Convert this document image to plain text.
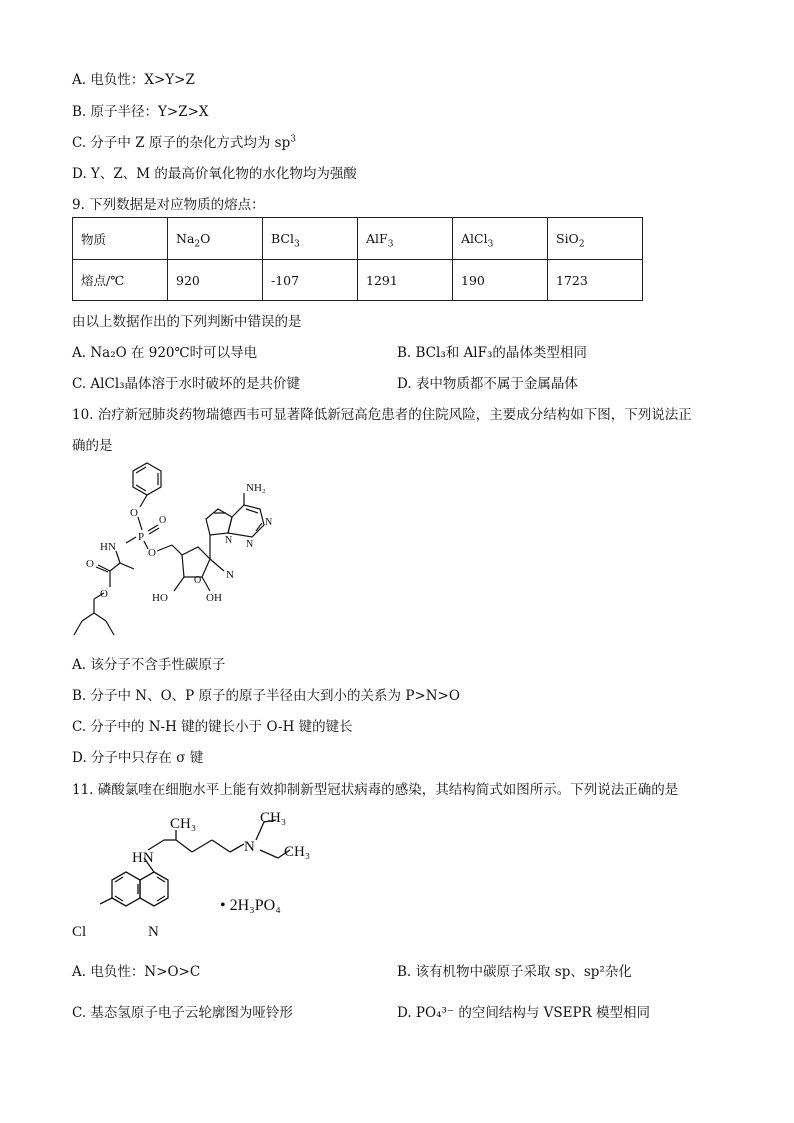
A. 电负性：X>Y>Z
B. 原子半径：Y>Z>X
C. 分子中 Z 原子的杂化方式均为 $sp^3$
D. Y、Z、M 的最高价氧化物的水化物均为强酸
9. 下列数据是对应物质的熔点：
物质	$Na_2O$	BCl$_3$	AlF$_3$	AlCl$_3$	SiO$_2$
熔点/℃	920	-107	1291	190	1723
由以上数据作出的下列判断中错误的是
A. Na₂O 在 920℃时可以导电	B. BCl₃和 AlF₃的晶体类型相同
C. AlCl₃晶体溶于水时破坏的是共价键	D. 表中物质都不属于金属晶体
10. 治疗新冠肺炎药物瑞德西韦可显著降低新冠高危患者的住院风险，主要成分结构如下图，下列说法正
确的是
O
P
O
HN	O
O
NH₂
N
N
N
N
HO	OH
O
O
A. 该分子不含手性碳原子
B. 分子中 N、O、P 原子的原子半径由大到小的关系为 P>N>O
C. 分子中的 N-H 键的键长小于 O-H 键的键长
D. 分子中只存在 σ 键
11. 磷酸氯喹在细胞水平上能有效抑制新型冠状病毒的感染，其结构简式如图所示。下列说法正确的是
CH₃	CH₃
CH₃
N
HN
Cl	N
• 2H₃PO₄
A. 电负性：N>O>C	B. 该有机物中碳原子采取 sp、sp²杂化
C. 基态氢原子电子云轮廓图为哑铃形	D. PO₄³⁻ 的空间结构与 VSEPR 模型相同
